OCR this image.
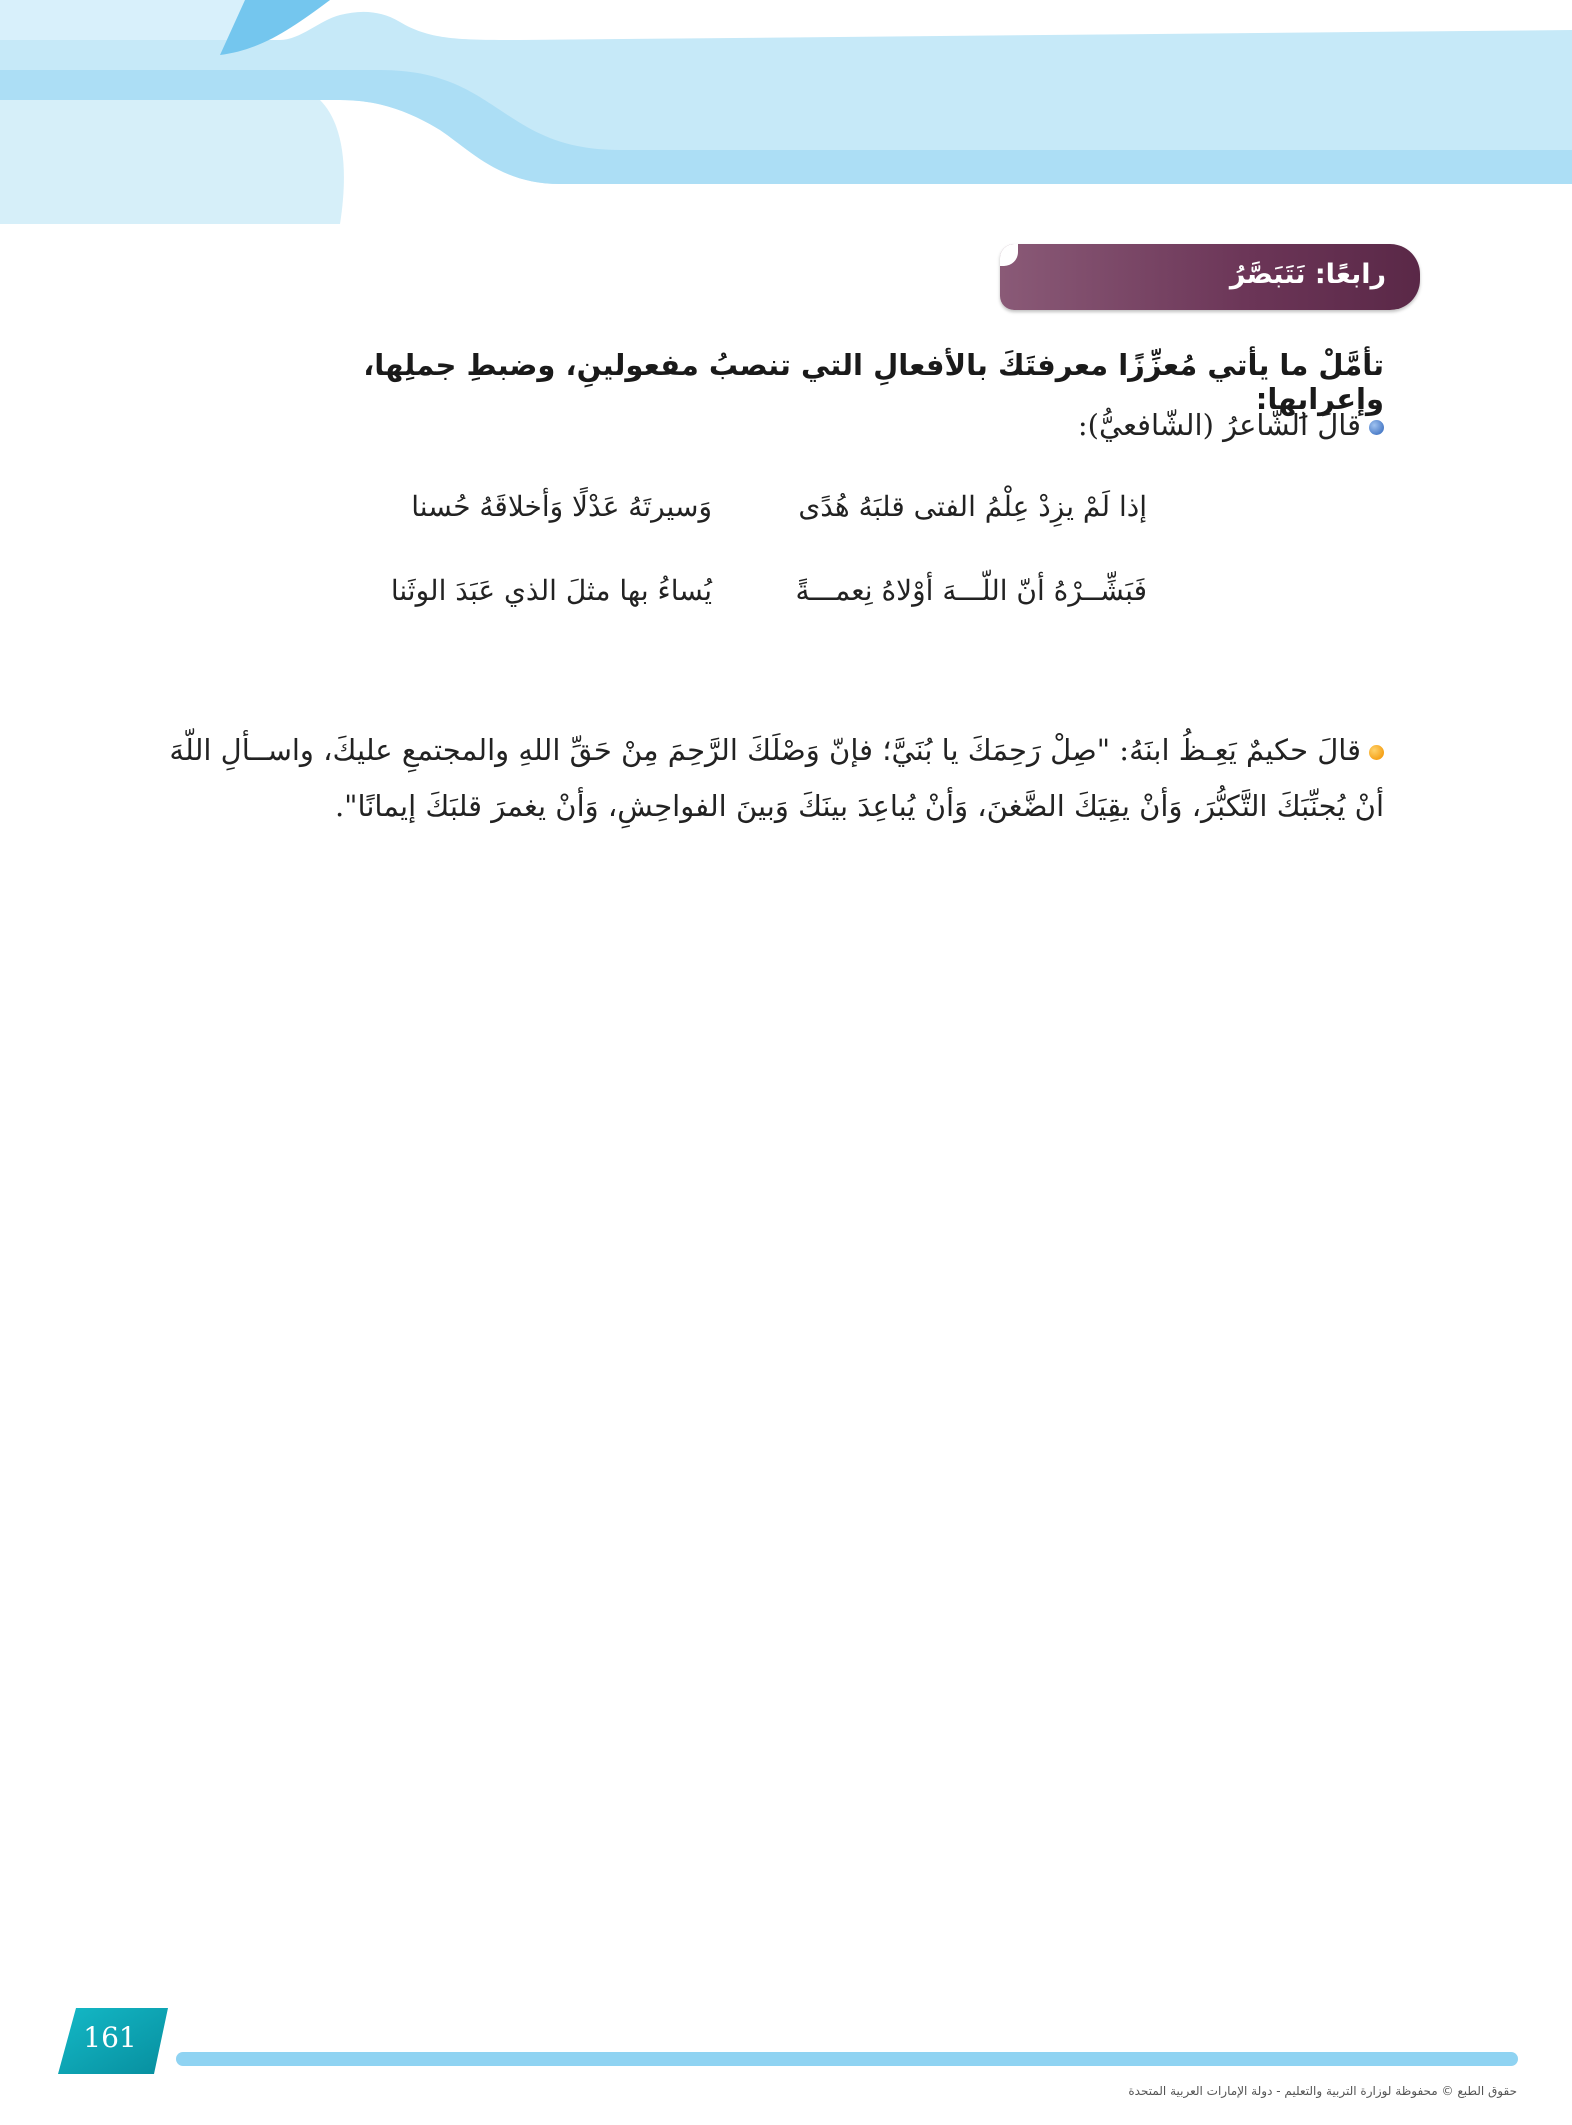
رابعًا: نَتَبَصَّرُ
تأمَّلْ ما يأتي مُعزِّزًا معرفتَكَ بالأفعالِ التي تنصبُ مفعولينِ، وضبطِ جملِها، وإعرابِها:
قالَ الشّاعرُ (الشّافعيُّ):
إذا لَمْ يزِدْ عِلْمُ الفتى قلبَهُ هُدًى
وَسيرتَهُ عَدْلًا وَأخلاقَهُ حُسنا
فَبَشِّــرْهُ أنّ اللّـــهَ أوْلاهُ نِعمـــةً
يُساءُ بها مثلَ الذي عَبَدَ الوثَنا
قالَ حكيمٌ يَعِـظُ ابنَهُ: "صِلْ رَحِمَكَ يا بُنَيَّ؛ فإنّ وَصْلَكَ الرَّحِمَ مِنْ حَقِّ اللهِ والمجتمعِ عليكَ، واســألِ اللّهَ أنْ يُجنِّبَكَ التَّكبُّرَ، وَأنْ يقِيَكَ الضَّغنَ، وَأنْ يُباعِدَ بينَكَ وَبينَ الفواحِشِ، وَأنْ يغمرَ قلبَكَ إيمانًا".
161
حقوق الطبع © محفوظة لوزارة التربية والتعليم - دولة الإمارات العربية المتحدة
